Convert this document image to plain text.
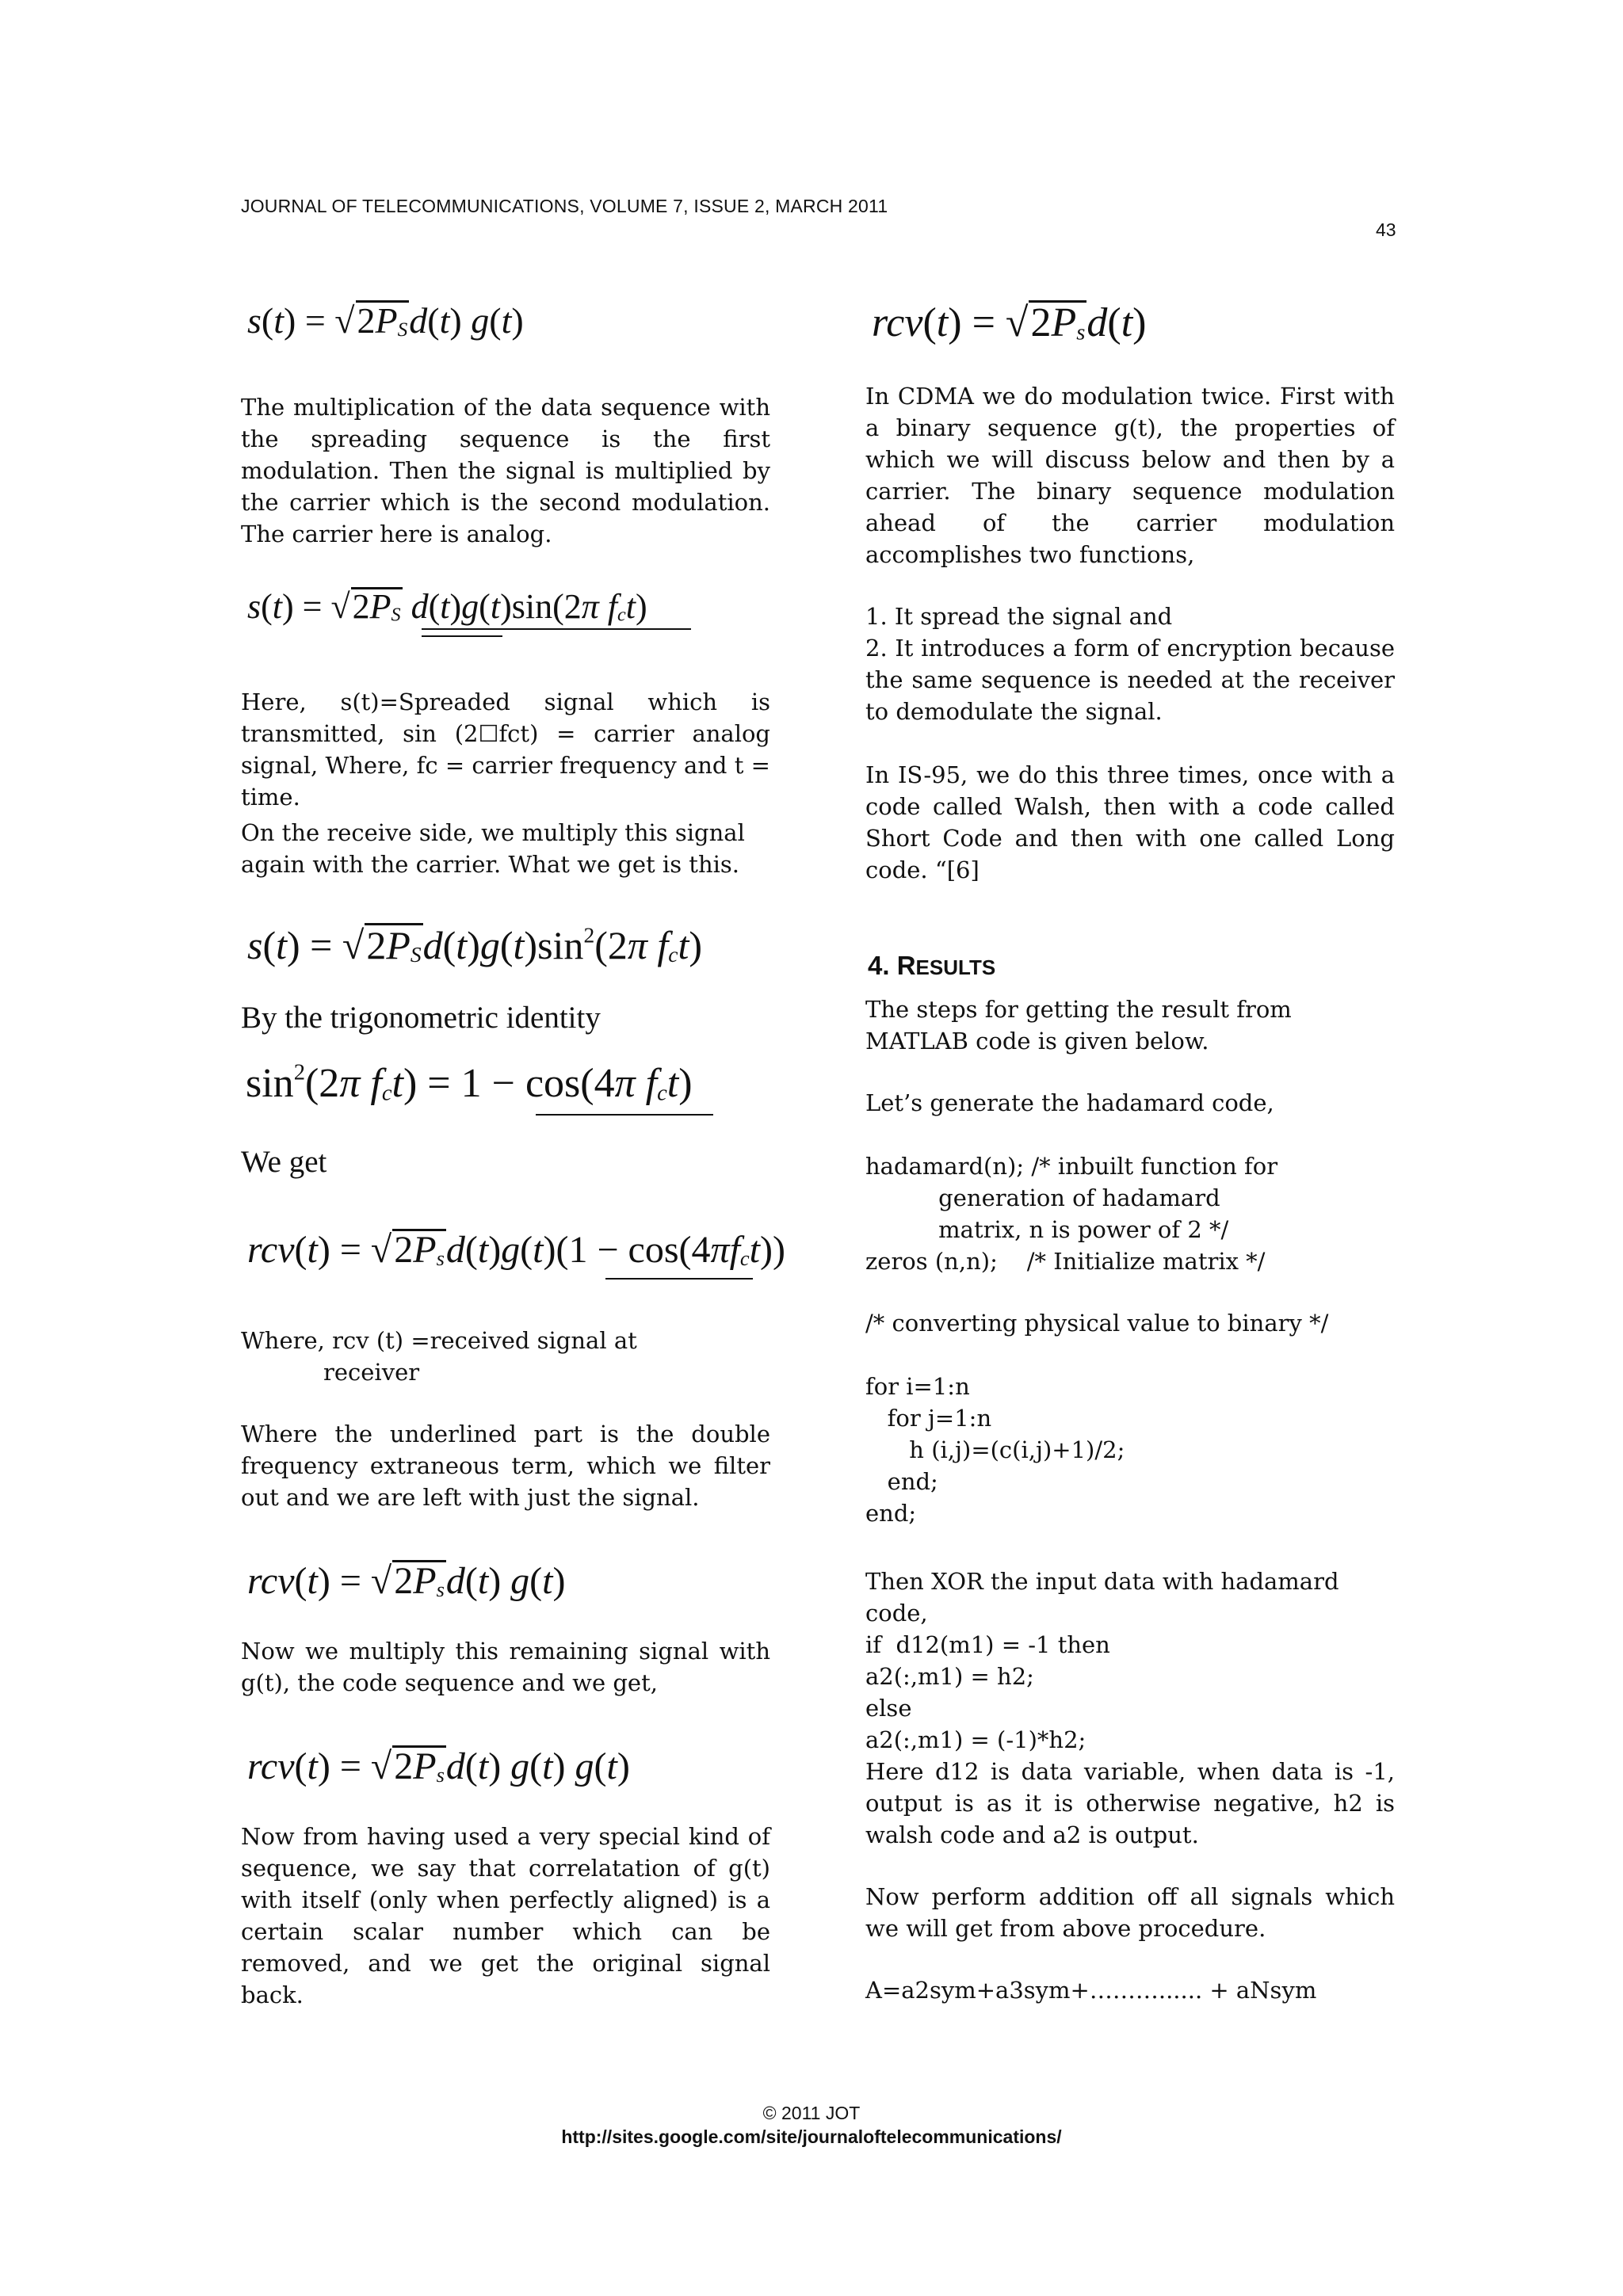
JOURNAL OF TELECOMMUNICATIONS, VOLUME 7, ISSUE 2, MARCH 2011
43
$s(t) = √2P_Sd(t)$ g(t)
The multiplication of the data sequence with the spreading sequence is the first modulation. Then the signal is multiplied by the carrier which is the second modulation. The carrier here is analog.
$s(t) = √2P_S$ d(t)g(t)sin(2π $f_ct$)
Here, s(t)=Spreaded signal which is transmitted, sin (2☐fct) = carrier analog signal, Where, fc = carrier frequency and t = time.
On the receive side, we multiply this signal again with the carrier. What we get is this.
$s(t) = √2P_Sd(t)g(t)\sin^2(2\pi$ $f_ct$)
By the trigonometric identity
$\sin^2(2\pi$ $f_ct) = 1 - \cos(4\pi$ $f_ct$)
We get
$rcv(t) = √2P_sd(t)g(t)(1 - \cos(4\pi f_ct))$
Where, rcv (t) =received signal at
receiver
Where the underlined part is the double frequency extraneous term, which we filter out and we are left with just the signal.
$rcv(t) = √2P_sd(t)$ g(t)
Now we multiply this remaining signal with g(t), the code sequence and we get,
$rcv(t) = √2P_sd(t)$ g(t) g(t)
Now from having used a very special kind of sequence, we say that correlatation of g(t) with itself (only when perfectly aligned) is a certain scalar number which can be removed, and we get the original signal back.
$rcv(t) = √2P_sd(t)$
In CDMA we do modulation twice. First with a binary sequence g(t), the properties of which we will discuss below and then by a carrier. The binary sequence modulation ahead of the carrier modulation accomplishes two functions,
1. It spread the signal and
2. It introduces a form of encryption because the same sequence is needed at the receiver to demodulate the signal.
In IS-95, we do this three times, once with a code called Walsh, then with a code called Short Code and then with one called Long code. “[6]
4. RESULTS
The steps for getting the result from MATLAB code is given below.
Let’s generate the hadamard code,
hadamard(n); /* inbuilt function for
generation of hadamard
matrix, n is power of 2 */
zeros (n,n);    /* Initialize matrix */
/* converting physical value to binary */
for i=1:n
for j=1:n
h (i,j)=(c(i,j)+1)/2;
end;
end;
Then XOR the input data with hadamard code,
if  d12(m1) = -1 then
a2(:,m1) = h2;
else
a2(:,m1) = (-1)*h2;
Here d12 is data variable, when data is -1, output is as it is otherwise negative, h2 is walsh code and a2 is output.
Now perform addition off all signals which we will get from above procedure.
A=a2sym+a3sym+………...... + aNsym
© 2011 JOT
http://sites.google.com/site/journaloftelecommunications/
